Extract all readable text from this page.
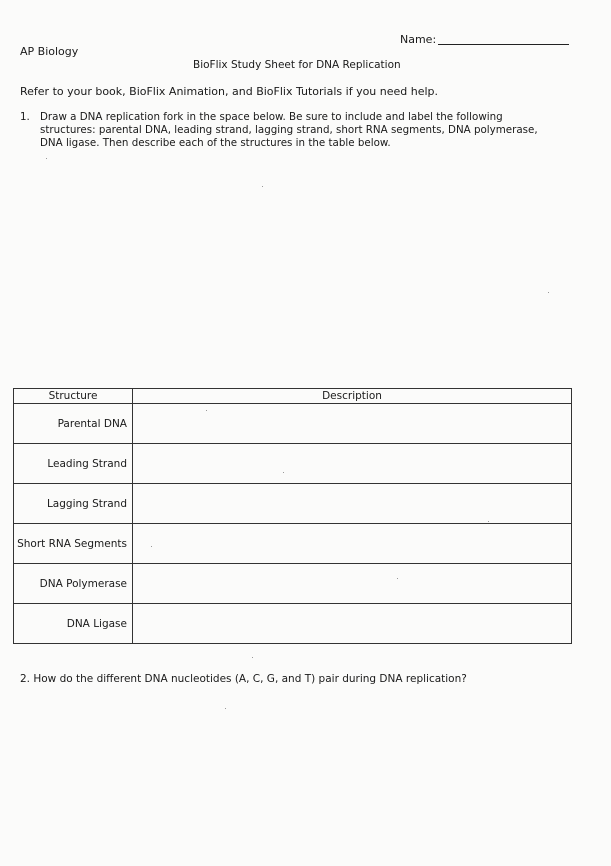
Name:
AP Biology
BioFlix Study Sheet for DNA Replication
Refer to your book, BioFlix Animation, and BioFlix Tutorials if you need help.
1. Draw a DNA replication fork in the space below. Be sure to include and label the following structures: parental DNA, leading strand, lagging strand, short RNA segments, DNA polymerase, DNA ligase. Then describe each of the structures in the table below.
Structure	Description
Parental DNA	
Leading Strand	
Lagging Strand	
Short RNA Segments	
DNA Polymerase	
DNA Ligase	
2. How do the different DNA nucleotides (A, C, G, and T) pair during DNA replication?
